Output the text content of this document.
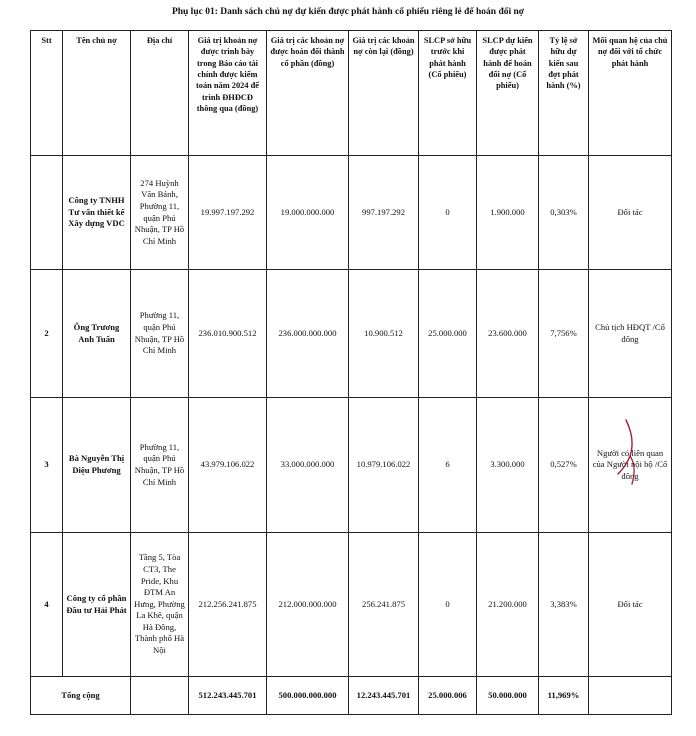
Phụ lục 01: Danh sách chủ nợ dự kiến được phát hành cổ phiếu riêng lẻ để hoán đổi nợ
Stt	Tên chủ nợ	Địa chỉ	Giá trị khoản nợ được trình bày trong Báo cáo tài chính được kiểm toán năm 2024 để trình ĐHĐCĐ thông qua (đồng)	Giá trị các khoản nợ được hoán đổi thành cổ phần (đồng)	Giá trị các khoản nợ còn lại (đồng)	SLCP sở hữu trước khi phát hành (Cổ phiếu)	SLCP dự kiến được phát hành để hoán đổi nợ (Cổ phiếu)	Tỷ lệ sở hữu dự kiến sau đợt phát hành (%)	Mối quan hệ của chủ nợ đối với tổ chức phát hành
	Công ty TNHH Tư vấn thiết kế Xây dựng VDC	274 Huỳnh Văn Bánh, Phường 11, quận Phú Nhuận, TP Hồ Chí Minh	19.997.197.292	19.000.000.000	997.197.292	0	1.900.000	0,303%	Đối tác
2	Ông Trương Anh Tuấn	Phường 11, quận Phú Nhuận, TP Hồ Chí Minh	236.010.900.512	236.000.000.000	10.900.512	25.000.000	23.600.000	7,756%	Chủ tịch HĐQT /Cổ đông
3	Bà Nguyễn Thị Diệu Phương	Phường 11, quận Phú Nhuận, TP Hồ Chí Minh	43.979.106.022	33.000.000.000	10.979.106.022	6	3.300.000	0,527%	Người có liên quan của Người nội bộ /Cổ đông
4	Công ty cổ phần Đầu tư Hải Phát	Tầng 5, Tòa CT3, The Pride, Khu ĐTM An Hưng, Phường La Khê, quận Hà Đông, Thành phố Hà Nội	212.256.241.875	212.000.000.000	256.241.875	0	21.200.000	3,383%	Đối tác
Tổng cộng			512.243.445.701	500.000.000.000	12.243.445.701	25.000.006	50.000.000	11,969%	
